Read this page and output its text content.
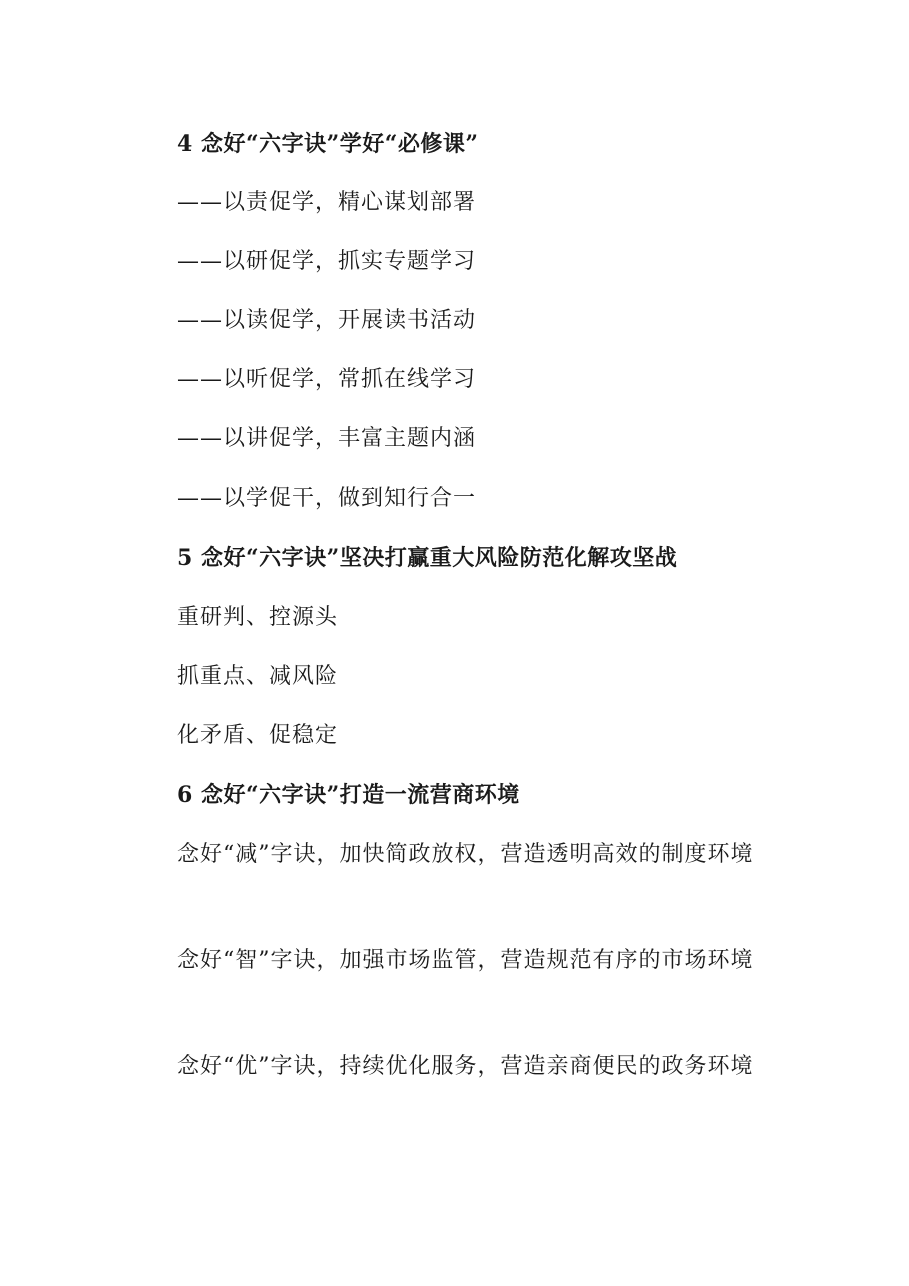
4 念好“六字诀”学好“必修课”
——以责促学，精心谋划部署
——以研促学，抓实专题学习
——以读促学，开展读书活动
——以听促学，常抓在线学习
——以讲促学，丰富主题内涵
——以学促干，做到知行合一
5 念好“六字诀”坚决打赢重大风险防范化解攻坚战
重研判、控源头
抓重点、减风险
化矛盾、促稳定
6 念好“六字诀”打造一流营商环境

念好“减”字诀，加快简政放权，营造透明高效的制度环境

念好“智”字诀，加强市场监管，营造规范有序的市场环境

念好“优”字诀，持续优化服务，营造亲商便民的政务环境
